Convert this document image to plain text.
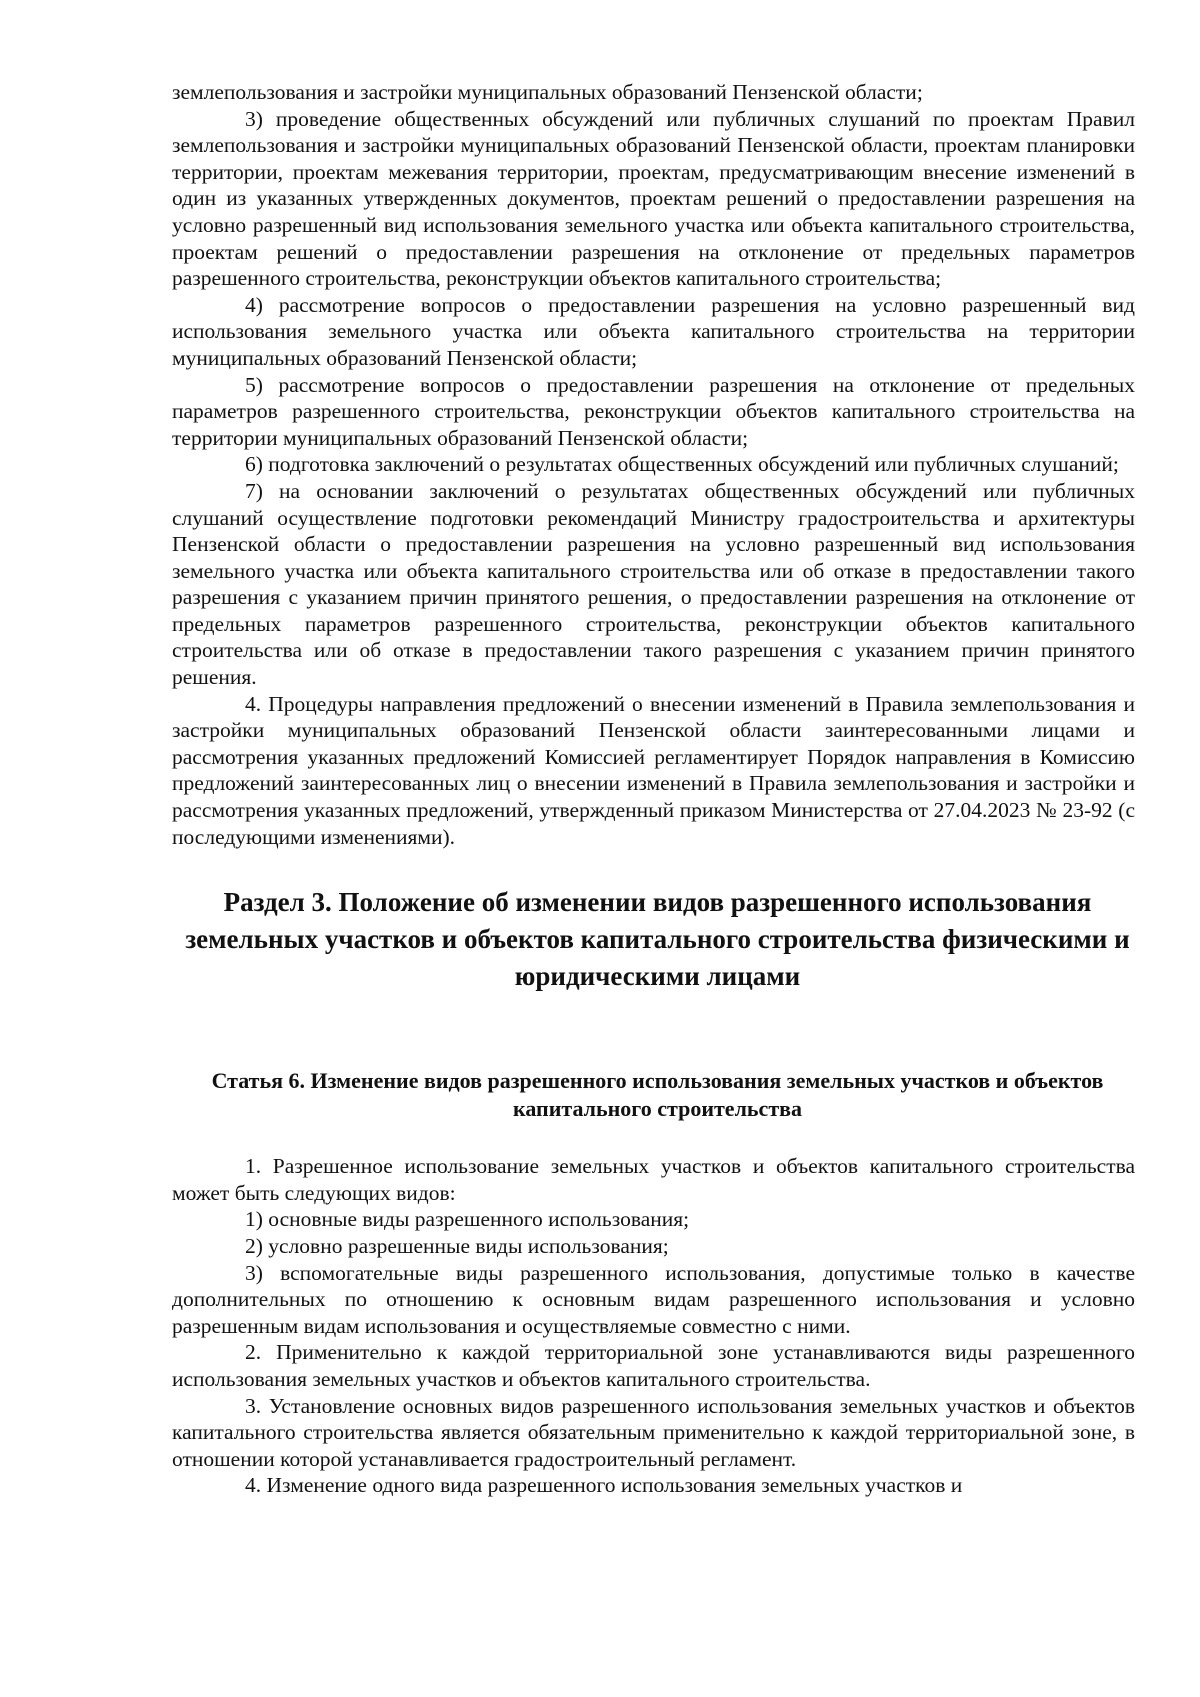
землепользования и застройки муниципальных образований Пензенской области;

3) проведение общественных обсуждений или публичных слушаний по проектам Правил землепользования и застройки муниципальных образований Пензенской области, проектам планировки территории, проектам межевания территории, проектам, предусматривающим внесение изменений в один из указанных утвержденных документов, проектам решений о предоставлении разрешения на условно разрешенный вид использования земельного участка или объекта капитального строительства, проектам решений о предоставлении разрешения на отклонение от предельных параметров разрешенного строительства, реконструкции объектов капитального строительства;

4) рассмотрение вопросов о предоставлении разрешения на условно разрешенный вид использования земельного участка или объекта капитального строительства на территории муниципальных образований Пензенской области;

5) рассмотрение вопросов о предоставлении разрешения на отклонение от предельных параметров разрешенного строительства, реконструкции объектов капитального строительства на территории муниципальных образований Пензенской области;

6) подготовка заключений о результатах общественных обсуждений или публичных слушаний;

7) на основании заключений о результатах общественных обсуждений или публичных слушаний осуществление подготовки рекомендаций Министру градостроительства и архитектуры Пензенской области о предоставлении разрешения на условно разрешенный вид использования земельного участка или объекта капитального строительства или об отказе в предоставлении такого разрешения с указанием причин принятого решения, о предоставлении разрешения на отклонение от предельных параметров разрешенного строительства, реконструкции объектов капитального строительства или об отказе в предоставлении такого разрешения с указанием причин принятого решения.

4. Процедуры направления предложений о внесении изменений в Правила землепользования и застройки муниципальных образований Пензенской области заинтересованными лицами и рассмотрения указанных предложений Комиссией регламентирует Порядок направления в Комиссию предложений заинтересованных лиц о внесении изменений в Правила землепользования и застройки и рассмотрения указанных предложений, утвержденный приказом Министерства от 27.04.2023 № 23-92 (с последующими изменениями).

Раздел 3. Положение об изменении видов разрешенного использования земельных участков и объектов капитального строительства физическими и юридическими лицами
Статья 6. Изменение видов разрешенного использования земельных участков и объектов капитального строительства

1. Разрешенное использование земельных участков и объектов капитального строительства может быть следующих видов:

1) основные виды разрешенного использования;

2) условно разрешенные виды использования;

3) вспомогательные виды разрешенного использования, допустимые только в качестве дополнительных по отношению к основным видам разрешенного использования и условно разрешенным видам использования и осуществляемые совместно с ними.

2. Применительно к каждой территориальной зоне устанавливаются виды разрешенного использования земельных участков и объектов капитального строительства.

3. Установление основных видов разрешенного использования земельных участков и объектов капитального строительства является обязательным применительно к каждой территориальной зоне, в отношении которой устанавливается градостроительный регламент.

4. Изменение одного вида разрешенного использования земельных участков и
